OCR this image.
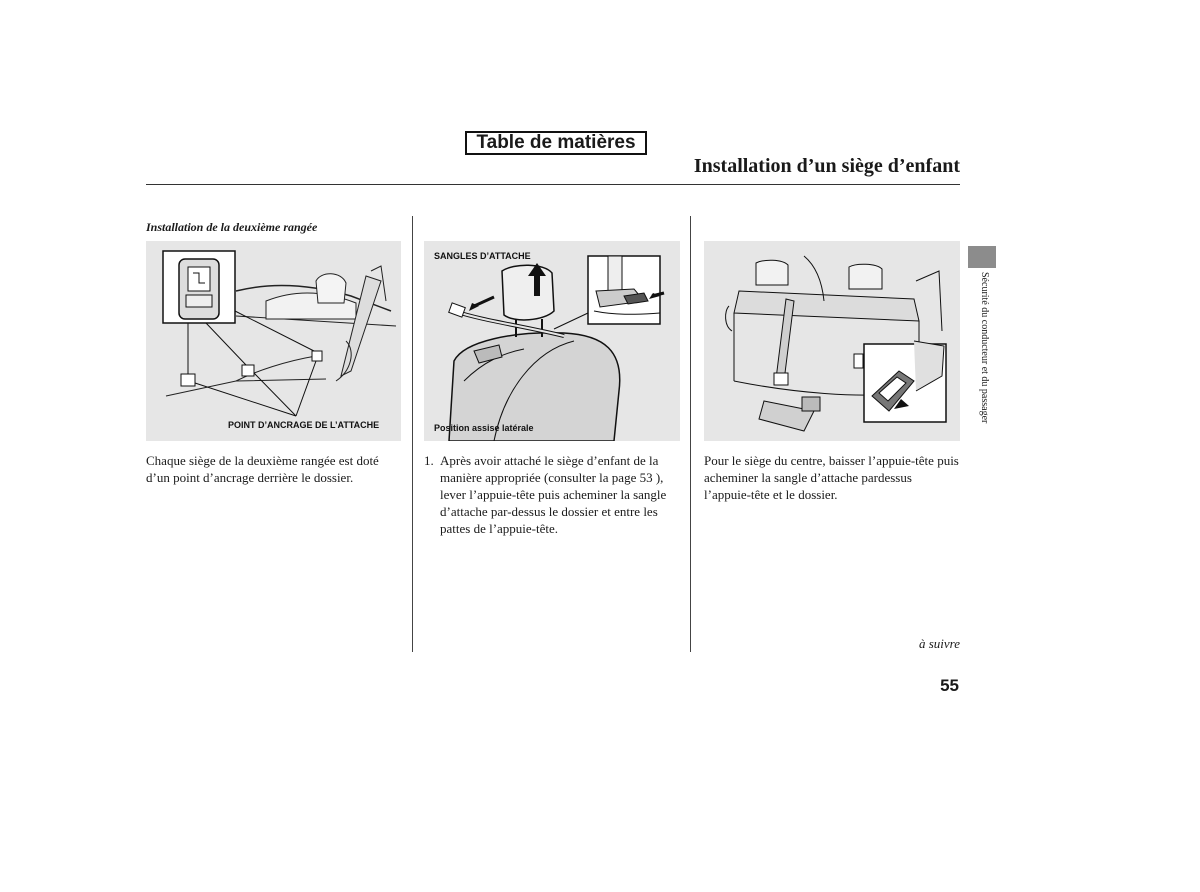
Table de matières
Installation d’un siège d’enfant
Installation de la deuxième rangée
POINT D’ANCRAGE DE L’ATTACHE
SANGLES D’ATTACHE
Position assise latérale
Chaque siège de la deuxième rangée est doté d’un point d’ancrage derrière le dossier.
1. Après avoir attaché le siège d’enfant de la manière appropriée (consulter la page 53 ), lever l’appuie-tête puis acheminer la sangle d’attache par-dessus le dossier et entre les pattes de l’appuie-tête.
Pour le siège du centre, baisser l’appuie-tête puis acheminer la sangle d’attache pardessus l’appuie-tête et le dossier.
Sécurité du conducteur et du passager
à suivre
55
